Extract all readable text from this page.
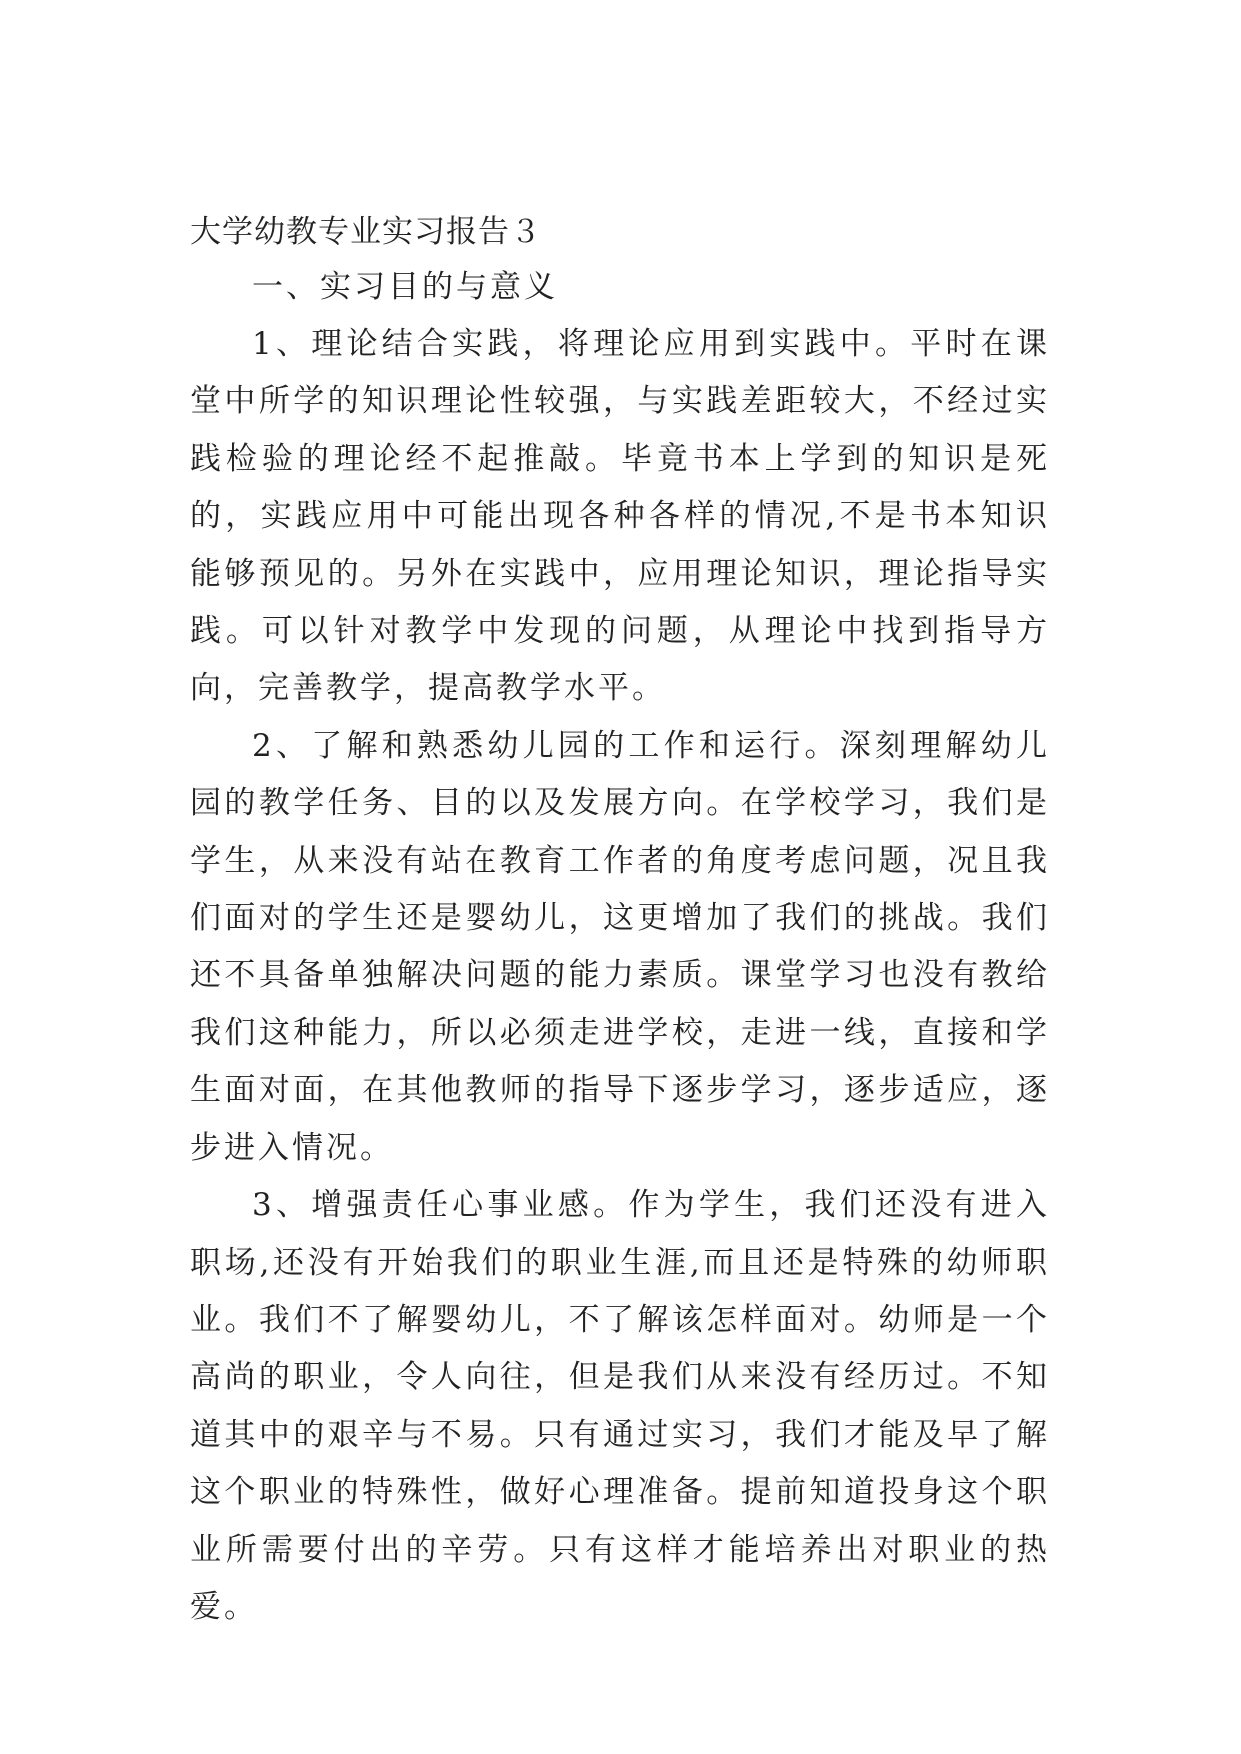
大学幼教专业实习报告３

一、实习目的与意义

1、理论结合实践，将理论应用到实践中。平时在课堂中所学的知识理论性较强，与实践差距较大，不经过实践检验的理论经不起推敲。毕竟书本上学到的知识是死的，实践应用中可能出现各种各样的情况,不是书本知识能够预见的。另外在实践中，应用理论知识，理论指导实践。可以针对教学中发现的问题，从理论中找到指导方向，完善教学，提高教学水平。

2、了解和熟悉幼儿园的工作和运行。深刻理解幼儿园的教学任务、目的以及发展方向。在学校学习，我们是学生，从来没有站在教育工作者的角度考虑问题，况且我们面对的学生还是婴幼儿，这更增加了我们的挑战。我们还不具备单独解决问题的能力素质。课堂学习也没有教给我们这种能力，所以必须走进学校，走进一线，直接和学生面对面，在其他教师的指导下逐步学习，逐步适应，逐步进入情况。

3、增强责任心事业感。作为学生，我们还没有进入职场,还没有开始我们的职业生涯,而且还是特殊的幼师职业。我们不了解婴幼儿，不了解该怎样面对。幼师是一个高尚的职业，令人向往，但是我们从来没有经历过。不知道其中的艰辛与不易。只有通过实习，我们才能及早了解这个职业的特殊性，做好心理准备。提前知道投身这个职业所需要付出的辛劳。只有这样才能培养出对职业的热爱。
